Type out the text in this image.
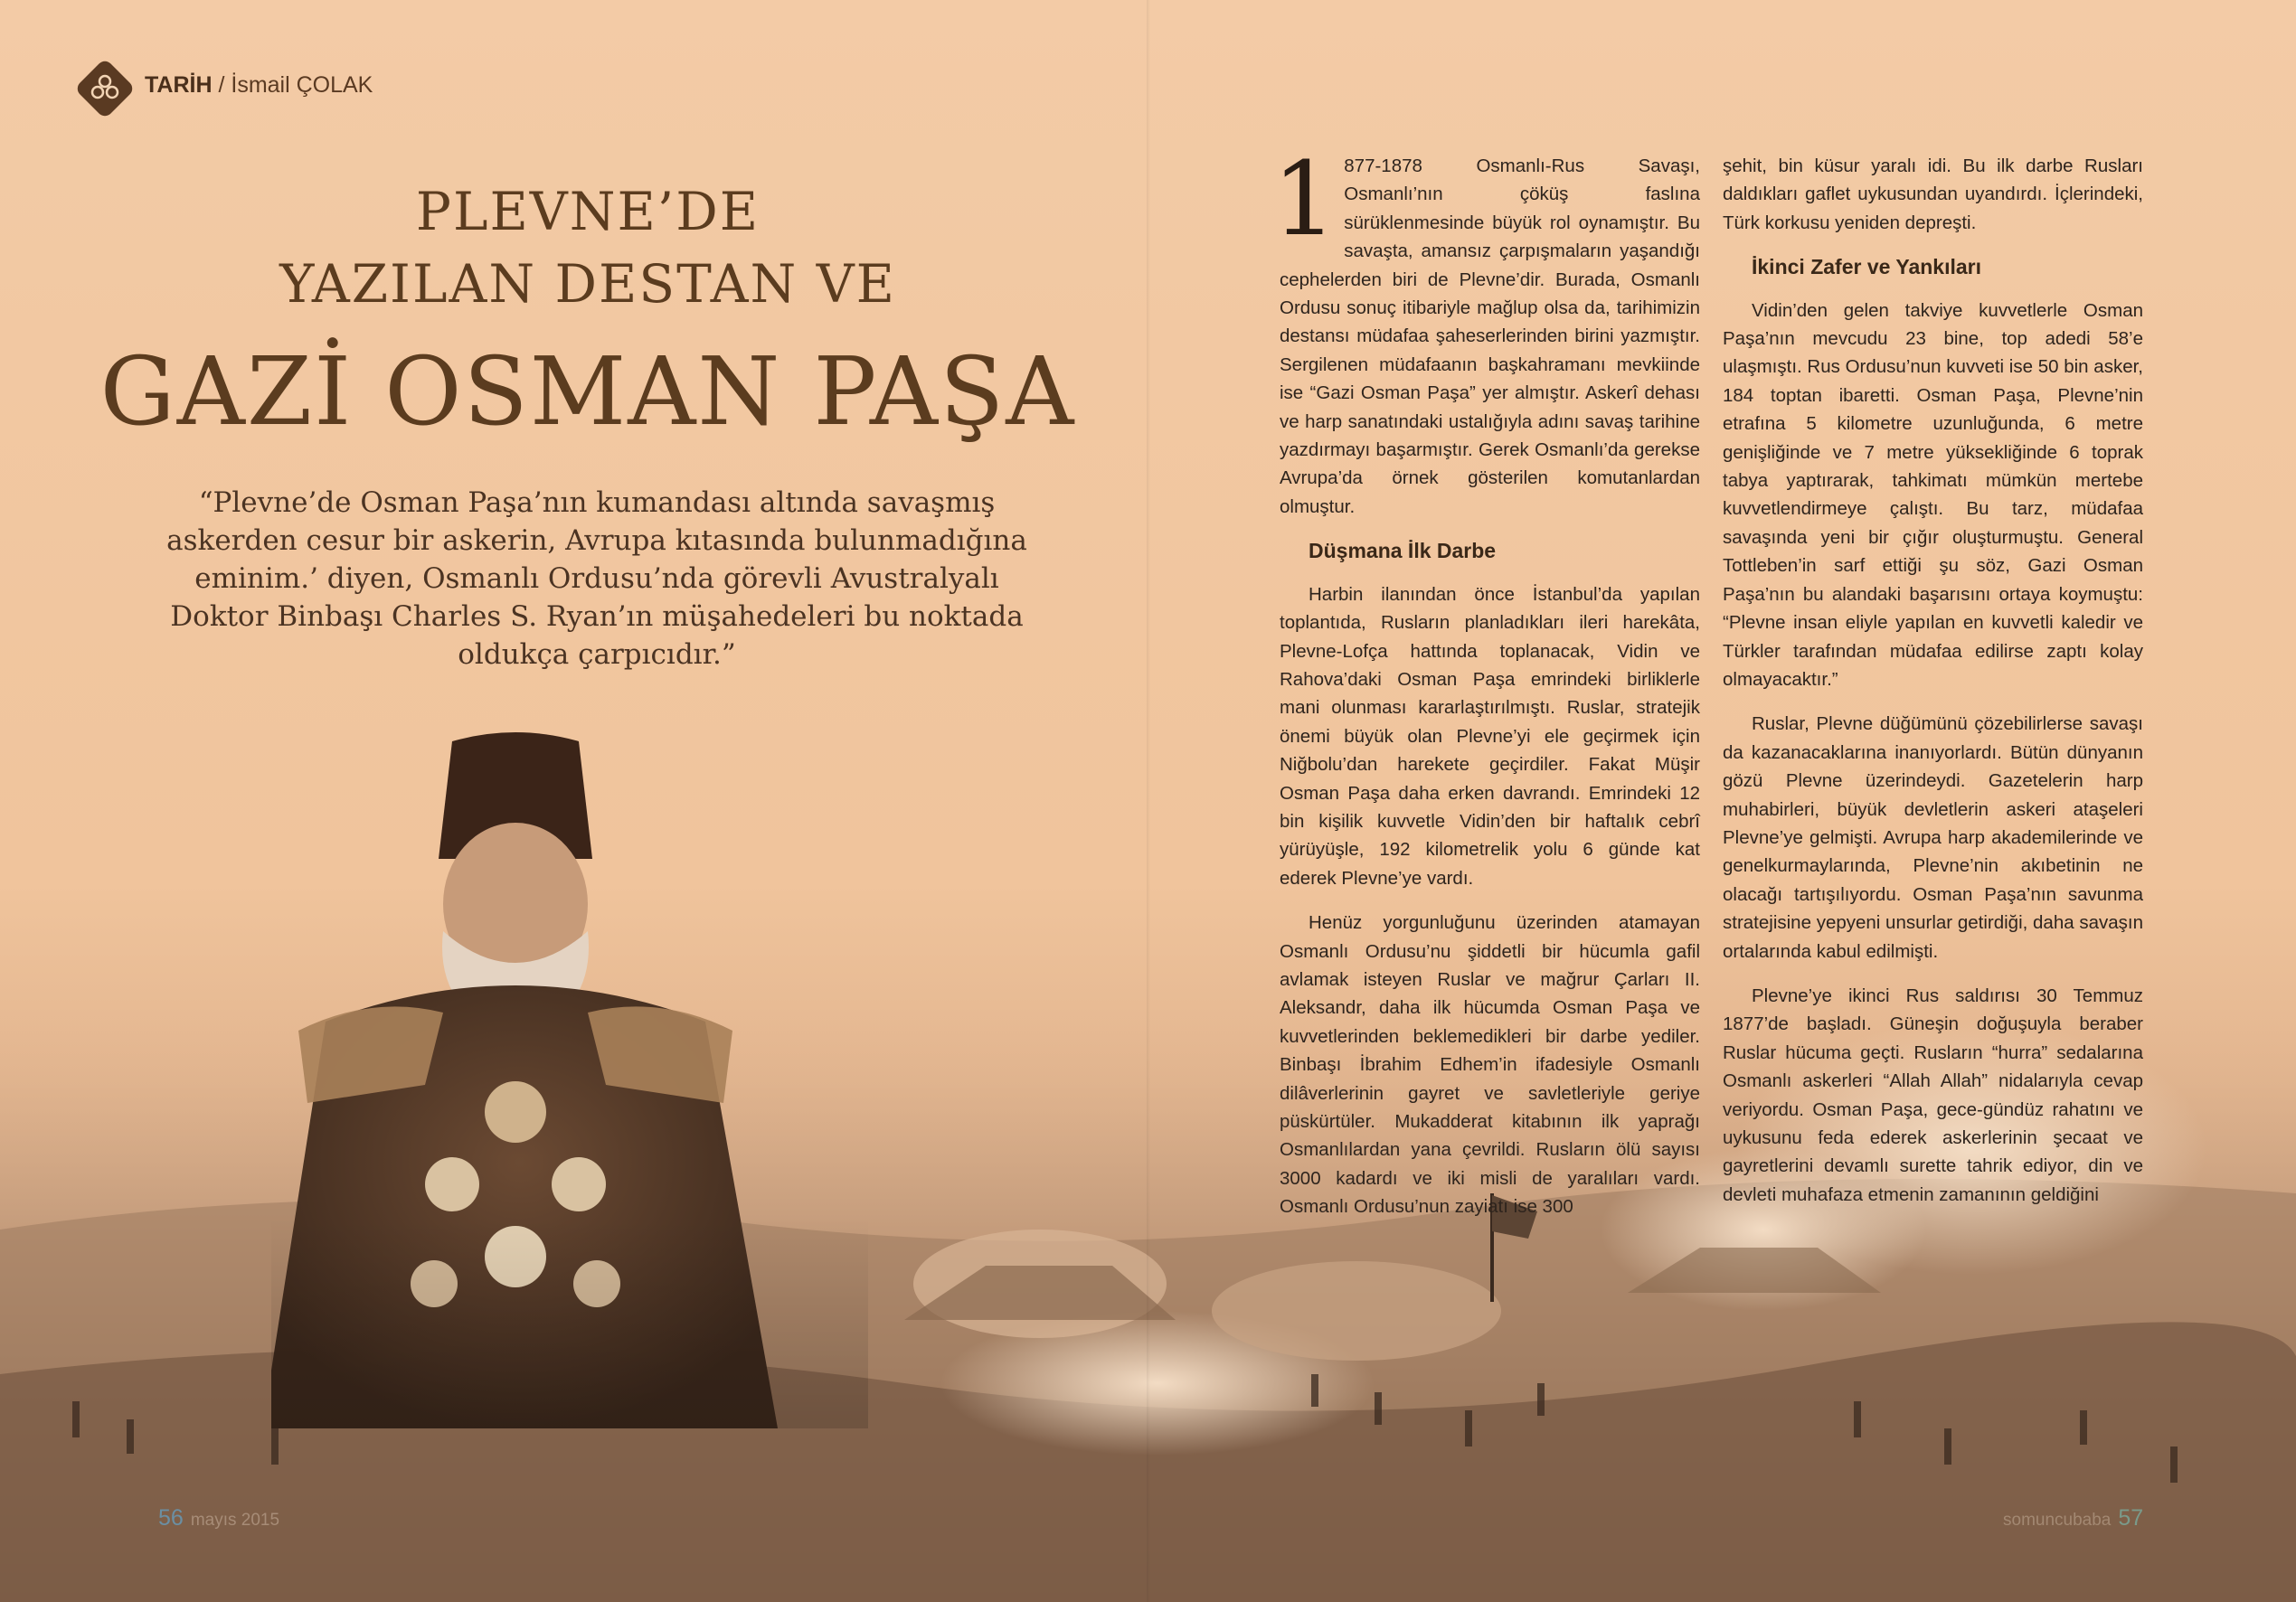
TARİH / İsmail ÇOLAK
PLEVNE’DE
YAZILAN DESTAN VE
GAZİ OSMAN PAŞA
“Plevne’de Osman Paşa’nın kumandası altında savaşmış askerden cesur bir askerin, Avrupa kıtasında bulunmadığına eminim.’ diyen, Osmanlı Ordusu’nda görevli Avustralyalı Doktor Binbaşı Charles S. Ryan’ın müşahedeleri bu noktada oldukça çarpıcıdır.”

1 877-1878 Osmanlı-Rus Savaşı, Osmanlı’nın çöküş faslına sürüklenmesinde büyük rol oynamıştır. Bu savaşta, amansız çarpışmaların yaşandığı cephelerden biri de Plevne’dir. Burada, Osmanlı Ordusu sonuç itibariyle mağlup olsa da, tarihimizin destansı müdafaa şaheserlerinden birini yazmıştır. Sergilenen müdafaanın başkahramanı mevkiinde ise “Gazi Osman Paşa” yer almıştır. Askerî dehası ve harp sanatındaki ustalığıyla adını savaş tarihine yazdırmayı başarmıştır. Gerek Osmanlı’da gerekse Avrupa’da örnek gösterilen komutanlardan olmuştur.

Düşmana İlk Darbe

Harbin ilanından önce İstanbul’da yapılan toplantıda, Rusların planladıkları ileri harekâta, Plevne-Lofça hattında toplanacak, Vidin ve Rahova’daki Osman Paşa emrindeki birliklerle mani olunması kararlaştırılmıştı. Ruslar, stratejik önemi büyük olan Plevne’yi ele geçirmek için Niğbolu’dan harekete geçirdiler. Fakat Müşir Osman Paşa daha erken davrandı. Emrindeki 12 bin kişilik kuvvetle Vidin’den bir haftalık cebrî yürüyüşle, 192 kilometrelik yolu 6 günde kat ederek Plevne’ye vardı.

Henüz yorgunluğunu üzerinden atamayan Osmanlı Ordusu’nu şiddetli bir hücumla gafil avlamak isteyen Ruslar ve mağrur Çarları II. Aleksandr, daha ilk hücumda Osman Paşa ve kuvvetlerinden beklemedikleri bir darbe yediler. Binbaşı İbrahim Edhem’in ifadesiyle Osmanlı dilâverlerinin gayret ve savletleriyle geriye püskürtüler. Mukadderat kitabının ilk yaprağı Osmanlılardan yana çevrildi. Rusların ölü sayısı 3000 kadardı ve iki misli de yaralıları vardı. Osmanlı Ordusu’nun zayiatı ise 300

şehit, bin küsur yaralı idi. Bu ilk darbe Rusları daldıkları gaflet uykusundan uyandırdı. İçlerindeki, Türk korkusu yeniden depreşti.

İkinci Zafer ve Yankıları

Vidin’den gelen takviye kuvvetlerle Osman Paşa’nın mevcudu 23 bine, top adedi 58’e ulaşmıştı. Rus Ordusu’nun kuvveti ise 50 bin asker, 184 toptan ibaretti. Osman Paşa, Plevne’nin etrafına 5 kilometre uzunluğunda, 6 metre genişliğinde ve 7 metre yüksekliğinde 6 toprak tabya yaptırarak, tahkimatı mümkün mertebe kuvvetlendirmeye çalıştı. Bu tarz, müdafaa savaşında yeni bir çığır oluşturmuştu. General Tottleben’in sarf ettiği şu söz, Gazi Osman Paşa’nın bu alandaki başarısını ortaya koymuştu: “Plevne insan eliyle yapılan en kuvvetli kaledir ve Türkler tarafından müdafaa edilirse zaptı kolay olmayacaktır.”

Ruslar, Plevne düğümünü çözebilirlerse savaşı da kazanacaklarına inanıyorlardı. Bütün dünyanın gözü Plevne üzerindeydi. Gazetelerin harp muhabirleri, büyük devletlerin askeri ataşeleri Plevne’ye gelmişti. Avrupa harp akademilerinde ve genelkurmaylarında, Plevne’nin akıbetinin ne olacağı tartışılıyordu. Osman Paşa’nın savunma stratejisine yepyeni unsurlar getirdiği, daha savaşın ortalarında kabul edilmişti.

Plevne’ye ikinci Rus saldırısı 30 Temmuz 1877’de başladı. Güneşin doğuşuyla beraber Ruslar hücuma geçti. Rusların “hurra” sedalarına Osmanlı askerleri “Allah Allah” nidalarıyla cevap veriyordu. Osman Paşa, gece-gündüz rahatını ve uykusunu feda ederek askerlerinin şecaat ve gayretlerini devamlı surette tahrik ediyor, din ve devleti muhafaza etmenin zamanının geldiğini

56 mayıs 2015	somuncubaba 57
